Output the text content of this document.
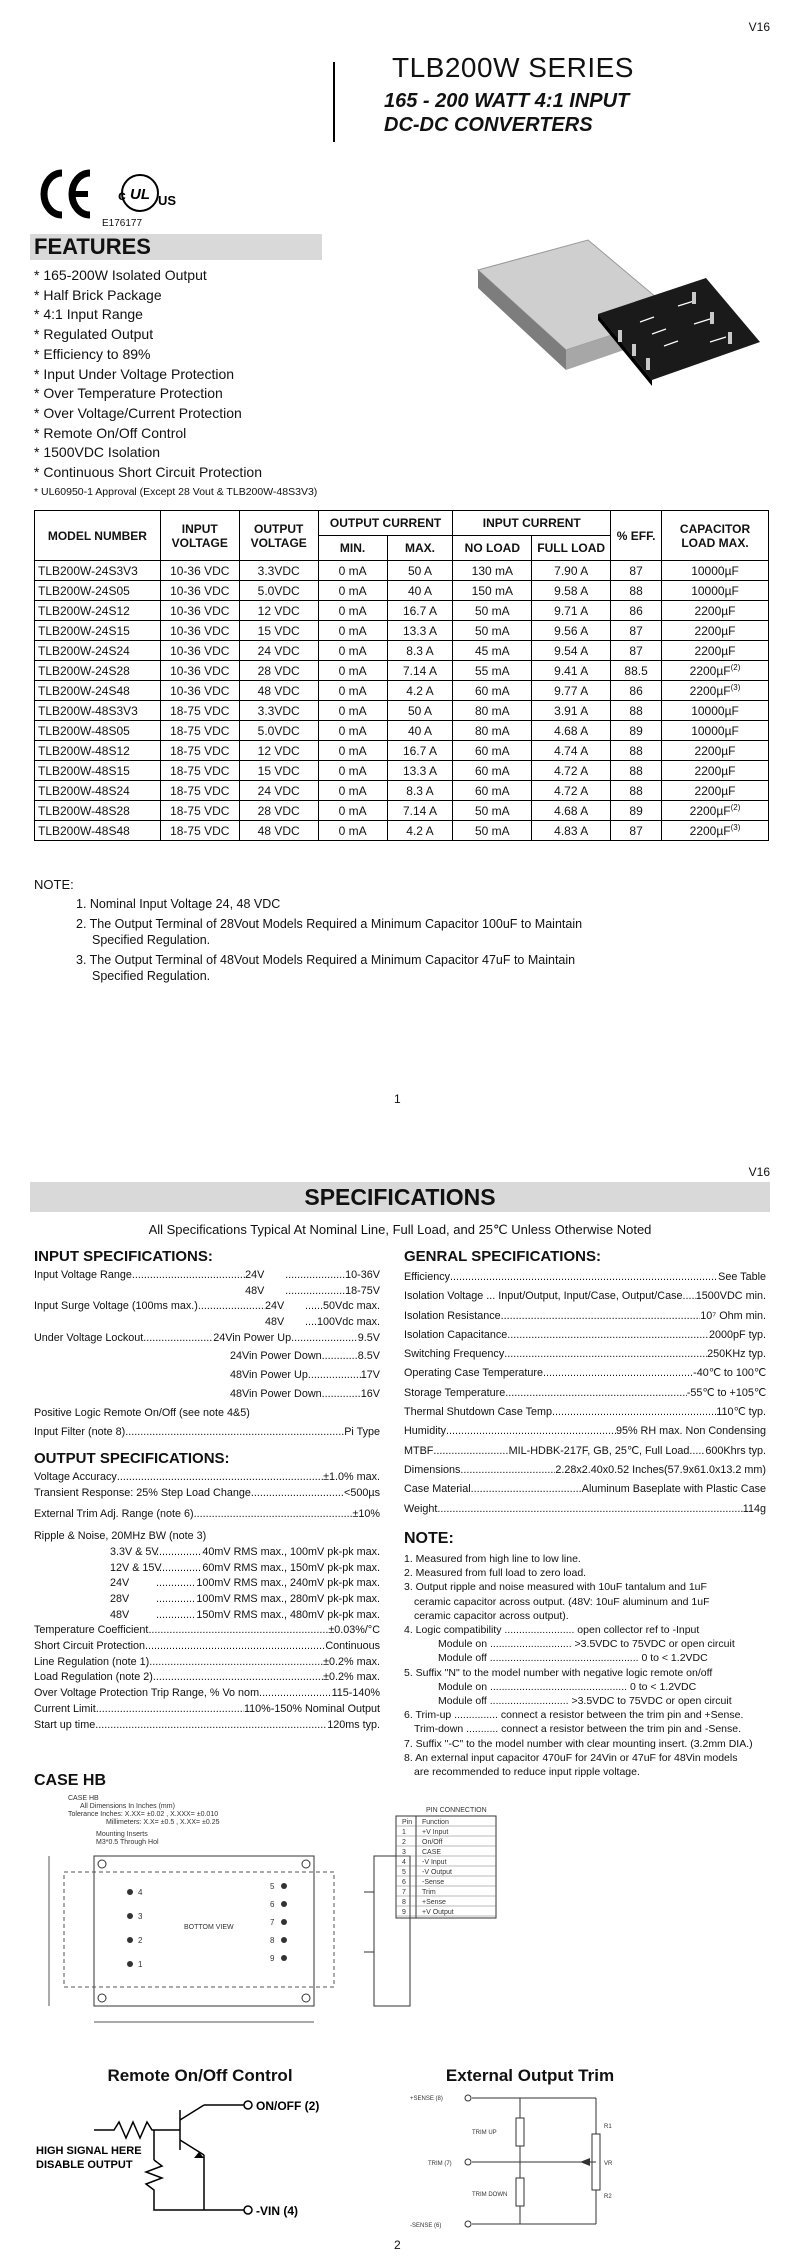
V16
TLB200W SERIES
165 - 200 WATT 4:1 INPUT
DC-DC CONVERTERS
c UL US
E176177
FEATURES
* 165-200W Isolated Output
* Half Brick Package
* 4:1 Input Range
* Regulated Output
* Efficiency to 89%
* Input Under Voltage Protection
* Over Temperature Protection
* Over Voltage/Current Protection
* Remote On/Off Control
* 1500VDC Isolation
* Continuous Short Circuit Protection
* UL60950-1 Approval (Except 28 Vout & TLB200W-48S3V3)
MODEL NUMBER	INPUT VOLTAGE	OUTPUT VOLTAGE	OUTPUT CURRENT		INPUT CURRENT		% EFF.	CAPACITOR LOAD MAX.
			MIN.	MAX.	NO LOAD	FULL LOAD		
TLB200W-24S3V3	10-36 VDC	3.3VDC	0 mA	50 A	130 mA	7.90 A	87	10000µF
TLB200W-24S05	10-36 VDC	5.0VDC	0 mA	40 A	150 mA	9.58 A	88	10000µF
TLB200W-24S12	10-36 VDC	12 VDC	0 mA	16.7 A	50 mA	9.71 A	86	2200µF
TLB200W-24S15	10-36 VDC	15 VDC	0 mA	13.3 A	50 mA	9.56 A	87	2200µF
TLB200W-24S24	10-36 VDC	24 VDC	0 mA	8.3 A	45 mA	9.54 A	87	2200µF
TLB200W-24S28	10-36 VDC	28 VDC	0 mA	7.14 A	55 mA	9.41 A	88.5	2200µF$^{(2)}$
TLB200W-24S48	10-36 VDC	48 VDC	0 mA	4.2 A	60 mA	9.77 A	86	2200µF$^{(3)}$
TLB200W-48S3V3	18-75 VDC	3.3VDC	0 mA	50 A	80 mA	3.91 A	88	10000µF
TLB200W-48S05	18-75 VDC	5.0VDC	0 mA	40 A	80 mA	4.68 A	89	10000µF
TLB200W-48S12	18-75 VDC	12 VDC	0 mA	16.7 A	60 mA	4.74 A	88	2200µF
TLB200W-48S15	18-75 VDC	15 VDC	0 mA	13.3 A	60 mA	4.72 A	88	2200µF
TLB200W-48S24	18-75 VDC	24 VDC	0 mA	8.3 A	60 mA	4.72 A	88	2200µF
TLB200W-48S28	18-75 VDC	28 VDC	0 mA	7.14 A	50 mA	4.68 A	89	2200µF$^{(2)}$
TLB200W-48S48	18-75 VDC	48 VDC	0 mA	4.2 A	50 mA	4.83 A	87	2200µF$^{(3)}$
NOTE:
1. Nominal Input Voltage 24, 48 VDC
2. The Output Terminal of 28Vout Models Required a Minimum Capacitor 100uF to Maintain
Specified Regulation.
3. The Output Terminal of 48Vout Models Required a Minimum Capacitor 47uF to Maintain
Specified Regulation.
1
V16
SPECIFICATIONS
All Specifications Typical At Nominal Line, Full Load, and 25℃ Unless Otherwise Noted
INPUT SPECIFICATIONS:
Input Voltage Range .....	24V .....	10-36V
48V .....	18-75V
Input Surge Voltage (100ms max.) .....	24V .....	50Vdc max.
48V .....	100Vdc max.
Under Voltage Lockout .....	24Vin Power Up .....	9.5V
24Vin Power Down .....	8.5V
48Vin Power Up .....	17V
48Vin Power Down .....	16V
Positive Logic Remote On/Off (see note 4&5)
Input Filter (note 8) .....	Pi Type
OUTPUT SPECIFICATIONS:
Voltage Accuracy .....	±1.0% max.
Transient Response: 25% Step Load Change .....	<500µs
External Trim Adj. Range (note 6) .....	±10%
Ripple & Noise, 20MHz BW (note 3)
3.3V & 5V .....	40mV RMS max., 100mV pk-pk max.
12V & 15V .....	60mV RMS max., 150mV pk-pk max.
24V .....	100mV RMS max., 240mV pk-pk max.
28V .....	100mV RMS max., 280mV pk-pk max.
48V .....	150mV RMS max., 480mV pk-pk max.
Temperature Coefficient .....	±0.03%/°C
Short Circuit Protection .....	Continuous
Line Regulation (note 1) .....	±0.2% max.
Load Regulation (note 2) .....	±0.2% max.
Over Voltage Protection Trip Range, % Vo nom. .....	115-140%
Current Limit .....	110%-150% Nominal Output
Start up time .....	120ms typ.
GENRAL SPECIFICATIONS:
Efficiency .....	See Table
Isolation Voltage ... Input/Output, Input/Case, Output/Case ..... 1500VDC min.
Isolation Resistance .....	10⁷ Ohm min.
Isolation Capacitance .....	2000pF typ.
Switching Frequency .....	250KHz typ.
Operating Case Temperature .....	-40℃ to 100℃
Storage Temperature .....	-55℃ to +105℃
Thermal Shutdown Case Temp. .....	110℃ typ.
Humidity .....	95% RH max. Non Condensing
MTBF .....	MIL-HDBK-217F, GB, 25℃, Full Load ..... 600Khrs typ.
Dimensions .....	2.28x2.40x0.52 Inches(57.9x61.0x13.2 mm)
Case Material .....	Aluminum Baseplate with Plastic Case
Weight .....	114g
NOTE:
1. Measured from high line to low line.
2. Measured from full load to zero load.
3. Output ripple and noise measured with 10uF tantalum and 1uF
ceramic capacitor across output. (48V: 10uF aluminum and 1uF
ceramic capacitor across output).
4. Logic compatibility ........................ open collector ref to -Input
Module on ............................ >3.5VDC to 75VDC or open circuit
Module off ................................................... 0 to < 1.2VDC
5. Suffix "N" to the model number with negative logic remote on/off
Module on ............................................... 0 to < 1.2VDC
Module off ........................... >3.5VDC to 75VDC or open circuit
6. Trim-up ............... connect a resistor between the trim pin and +Sense.
Trim-down ........... connect a resistor between the trim pin and -Sense.
7. Suffix "-C" to the model number with clear mounting insert. (3.2mm DIA.)
8. An external input capacitor 470uF for 24Vin or 47uF for 48Vin models
are recommended to reduce input ripple voltage.
CASE HB
CASE HB
All Dimensions In Inches (mm)
Tolerance Inches: X.XX= ±0.02 , X.XXX= ±0.010
Millimeters: X.X= ±0.5 , X.XX= ±0.25
Mounting Inserts
M3*0.5 Through Hol
4
3
2
1
5
6
7
8
9
BOTTOM VIEW
PIN CONNECTION
Pin Function
1 +V Input
2 On/Off
3 CASE
4 -V Input
5 -V Output
6 -Sense
7 Trim
8 +Sense
9 +V Output
Remote On/Off Control
ON/OFF (2)
-VIN (4)
HIGH SIGNAL HERE
DISABLE OUTPUT
External Output Trim
+SENSE (8)
TRIM (7)
-SENSE (6)
TRIM UP
TRIM DOWN
R1
VR
R2
2
